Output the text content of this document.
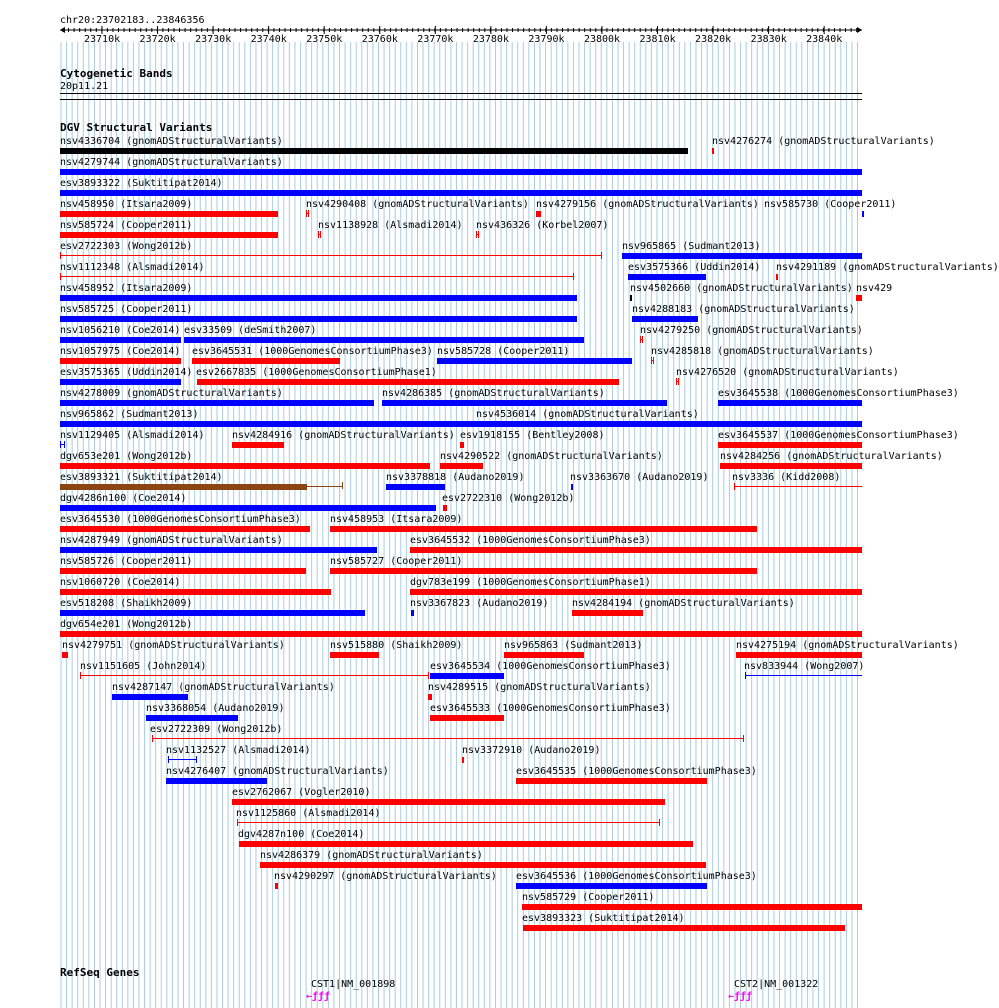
chr20:23702183..23846356
23710k 23720k 23730k 23740k 23750k 23760k 23770k 23780k 23790k 23800k 23810k 23820k 23830k 23840k
Cytogenetic Bands
20p11.21
DGV Structural Variants
nsv4336704 (gnomADStructuralVariants)	nsv4276274 (gnomADStructuralVariants)
nsv4279744 (gnomADStructuralVariants)
esv3893322 (Suktitipat2014)
nsv458950 (Itsara2009)	nsv4290408 (gnomADStructuralVariants) nsv4279156 (gnomADStructuralVariants) nsv585730 (Cooper2011)
nsv585724 (Cooper2011)	nsv1138928 (Alsmadi2014) nsv436326 (Korbel2007)
esv2722303 (Wong2012b)	nsv965865 (Sudmant2013)
nsv1112348 (Alsmadi2014)	esv3575366 (Uddin2014) nsv4291189 (gnomADStructuralVariants)
nsv458952 (Itsara2009)	nsv4502660 (gnomADStructuralVariants) nsv429
nsv585725 (Cooper2011)	nsv4288183 (gnomADStructuralVariants)
nsv1056210 (Coe2014) esv33509 (deSmith2007)	nsv4279250 (gnomADStructuralVariants)
nsv1057975 (Coe2014) esv3645531 (1000GenomesConsortiumPhase3) nsv585728 (Cooper2011)	nsv4285818 (gnomADStructuralVariants)
esv3575365 (Uddin2014) esv2667835 (1000GenomesConsortiumPhase1)	nsv4276520 (gnomADStructuralVariants)
nsv4278009 (gnomADStructuralVariants)	nsv4286385 (gnomADStructuralVariants)	esv3645538 (1000GenomesConsortiumPhase3)
nsv965862 (Sudmant2013)	nsv4536014 (gnomADStructuralVariants)
nsv1129405 (Alsmadi2014)	nsv4284916 (gnomADStructuralVariants) esv1918155 (Bentley2008)	esv3645537 (1000GenomesConsortiumPhase3)
dgv653e201 (Wong2012b)	nsv4290522 (gnomADStructuralVariants)	nsv4284256 (gnomADStructuralVariants)
esv3893321 (Suktitipat2014)	nsv3378818 (Audano2019)	nsv3363670 (Audano2019) nsv3336 (Kidd2008)
dgv4286n100 (Coe2014)	esv2722310 (Wong2012b)
esv3645530 (1000GenomesConsortiumPhase3)	nsv458953 (Itsara2009)
nsv4287949 (gnomADStructuralVariants)	esv3645532 (1000GenomesConsortiumPhase3)
nsv585726 (Cooper2011)	nsv585727 (Cooper2011)
nsv1060720 (Coe2014)	dgv783e199 (1000GenomesConsortiumPhase1)
esv518208 (Shaikh2009)	nsv3367823 (Audano2019) nsv4284194 (gnomADStructuralVariants)
dgv654e201 (Wong2012b)
nsv4279751 (gnomADStructuralVariants)	nsv515880 (Shaikh2009)	nsv965863 (Sudmant2013)	nsv4275194 (gnomADStructuralVariants)
nsv1151605 (John2014)	esv3645534 (1000GenomesConsortiumPhase3)	nsv833944 (Wong2007)
nsv4287147 (gnomADStructuralVariants)	nsv4289515 (gnomADStructuralVariants)
nsv3368054 (Audano2019)	esv3645533 (1000GenomesConsortiumPhase3)
esv2722309 (Wong2012b)
nsv1132527 (Alsmadi2014)	nsv3372910 (Audano2019)
nsv4276407 (gnomADStructuralVariants)	esv3645535 (1000GenomesConsortiumPhase3)
esv2762067 (Vogler2010)
nsv1125860 (Alsmadi2014)
dgv4287n100 (Coe2014)
nsv4286379 (gnomADStructuralVariants)
nsv4290297 (gnomADStructuralVariants) esv3645536 (1000GenomesConsortiumPhase3)
nsv585729 (Cooper2011)
esv3893323 (Suktitipat2014)
RefSeq Genes
CST1|NM_001898
←ƒƒƒ
CST2|NM_001322
←ƒƒƒ
